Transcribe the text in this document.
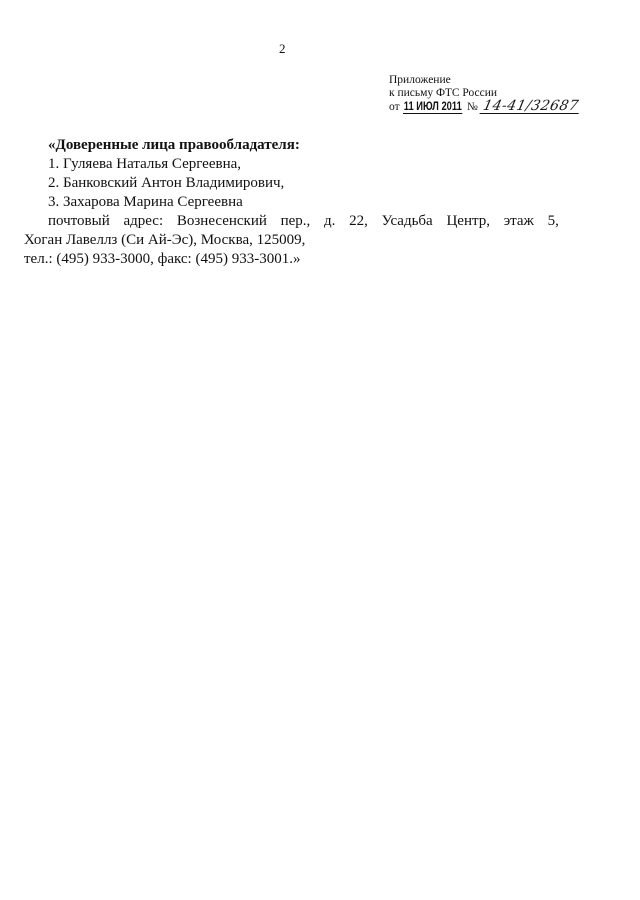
2
Приложение
к письму ФТС России
от 11 ИЮЛ 2011 № 14-41/32687
«Доверенные лица правообладателя:
1. Гуляева Наталья Сергеевна,
2. Банковский Антон Владимирович,
3. Захарова Марина Сергеевна
почтовый адрес: Вознесенский пер., д. 22, Усадьба Центр, этаж 5,
Хоган Лавеллз (Си Ай-Эс), Москва, 125009,
тел.: (495) 933-3000, факс: (495) 933-3001.»
